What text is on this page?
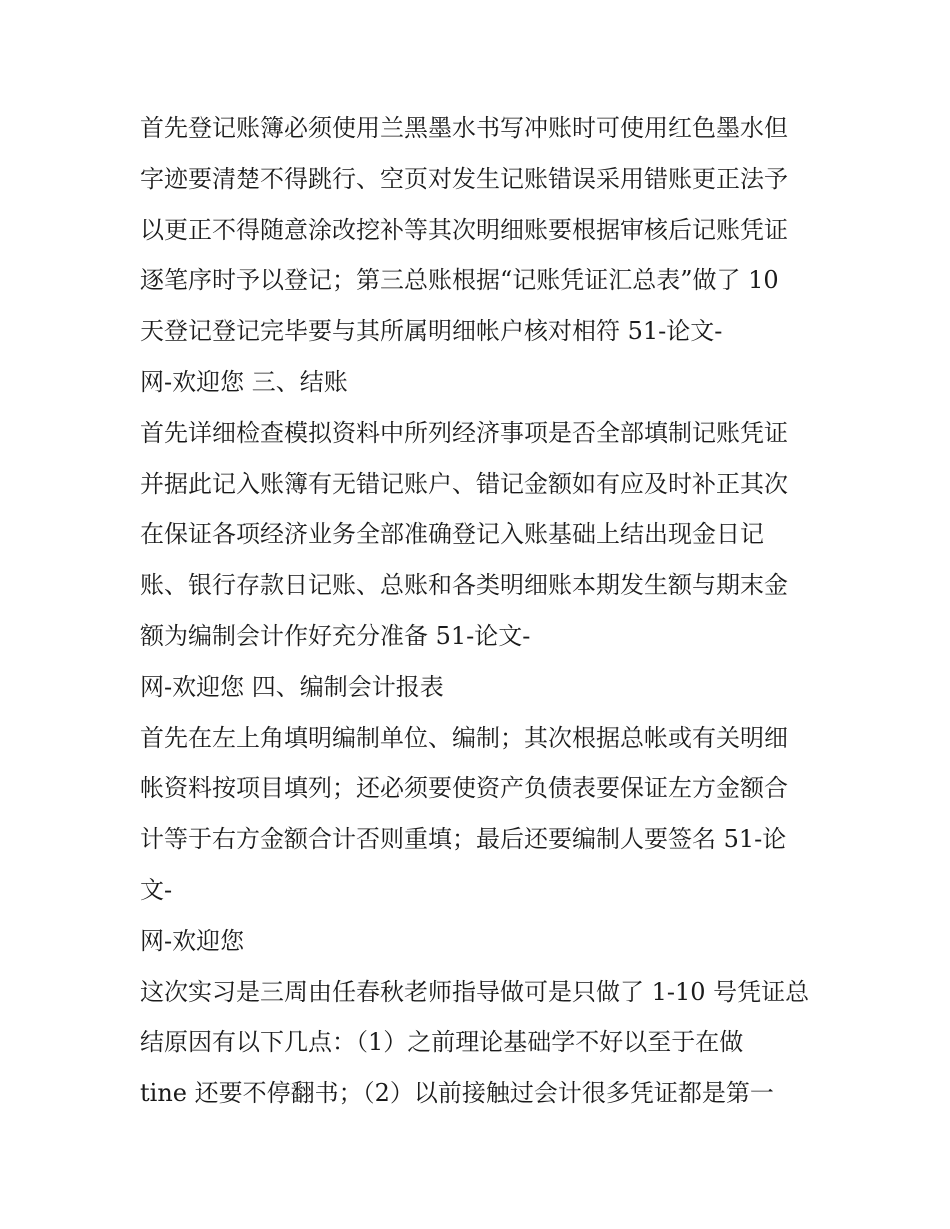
首先登记账簿必须使用兰黑墨水书写冲账时可使用红色墨水但
字迹要清楚不得跳行、空页对发生记账错误采用错账更正法予
以更正不得随意涂改挖补等其次明细账要根据审核后记账凭证
逐笔序时予以登记；第三总账根据“记账凭证汇总表”做了 10
天登记登记完毕要与其所属明细帐户核对相符 51-论文-
网-欢迎您 三、结账
首先详细检查模拟资料中所列经济事项是否全部填制记账凭证
并据此记入账簿有无错记账户、错记金额如有应及时补正其次
在保证各项经济业务全部准确登记入账基础上结出现金日记
账、银行存款日记账、总账和各类明细账本期发生额与期末金
额为编制会计作好充分准备 51-论文-
网-欢迎您 四、编制会计报表
首先在左上角填明编制单位、编制；其次根据总帐或有关明细
帐资料按项目填列；还必须要使资产负债表要保证左方金额合
计等于右方金额合计否则重填；最后还要编制人要签名 51-论
文-
网-欢迎您
这次实习是三周由任春秋老师指导做可是只做了 1-10 号凭证总
结原因有以下几点：（1）之前理论基础学不好以至于在做
tine 还要不停翻书；（2）以前接触过会计很多凭证都是第一
